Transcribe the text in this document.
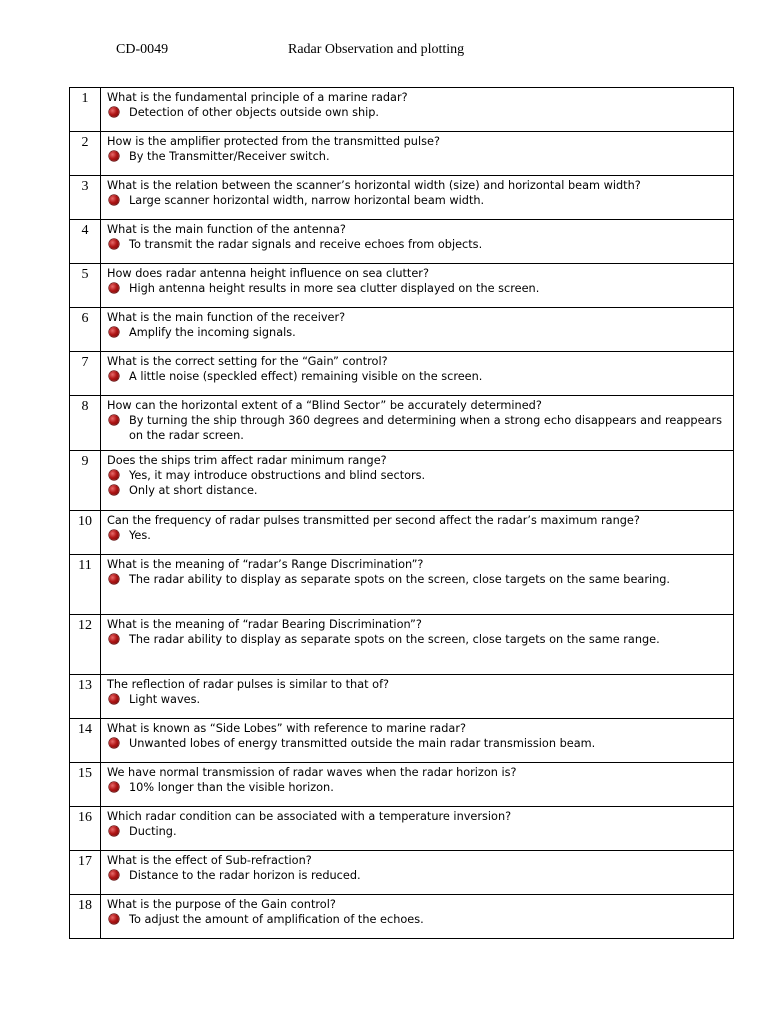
CD-0049	Radar Observation and plotting
1	What is the fundamental principle of a marine radar?
Detection of other objects outside own ship.

2	How is the amplifier protected from the transmitted pulse?
By the Transmitter/Receiver switch.

3	What is the relation between the scanner’s horizontal width (size) and horizontal beam width?
Large scanner horizontal width, narrow horizontal beam width.

4	What is the main function of the antenna?
To transmit the radar signals and receive echoes from objects.

5	How does radar antenna height influence on sea clutter?
High antenna height results in more sea clutter displayed on the screen.

6	What is the main function of the receiver?
Amplify the incoming signals.

7	What is the correct setting for the “Gain” control?
A little noise (speckled effect) remaining visible on the screen.

8	How can the horizontal extent of a “Blind Sector” be accurately determined?
By turning the ship through 360 degrees and determining when a strong echo disappears and reappears on the radar screen.

9	Does the ships trim affect radar minimum range?
Yes, it may introduce obstructions and blind sectors.
Only at short distance.

10	Can the frequency of radar pulses transmitted per second affect the radar’s maximum range?
Yes.

11	What is the meaning of “radar’s Range Discrimination”?
The radar ability to display as separate spots on the screen, close targets on the same bearing.

12	What is the meaning of “radar Bearing Discrimination”?
The radar ability to display as separate spots on the screen, close targets on the same range.

13	The reflection of radar pulses is similar to that of?
Light waves.

14	What is known as “Side Lobes” with reference to marine radar?
Unwanted lobes of energy transmitted outside the main radar transmission beam.

15	We have normal transmission of radar waves when the radar horizon is?
10% longer than the visible horizon.

16	Which radar condition can be associated with a temperature inversion?
Ducting.

17	What is the effect of Sub-refraction?
Distance to the radar horizon is reduced.

18	What is the purpose of the Gain control?
To adjust the amount of amplification of the echoes.
